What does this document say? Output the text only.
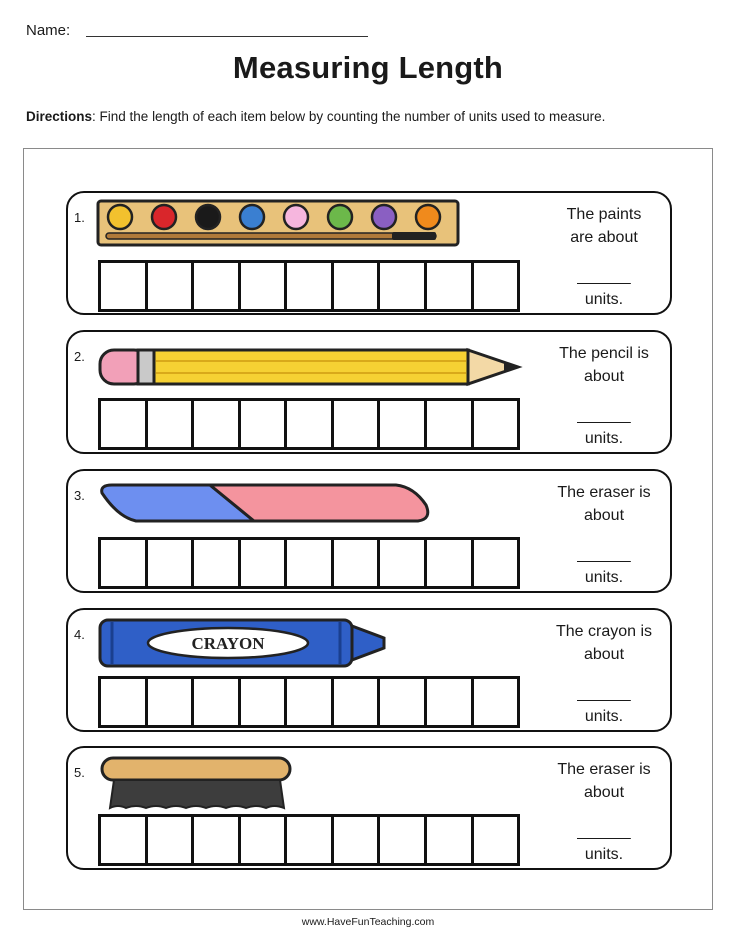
Name:
Measuring Length
Directions: Find the length of each item below by counting the number of units used to measure.
1.	The paints
are about
______
units.
2.	The pencil is
about
______
units.
3.	The eraser is
about
______
units.
4.	CRAYON
The crayon is
about
______
units.
5.	The eraser is
about
______
units.
www.HaveFunTeaching.com
